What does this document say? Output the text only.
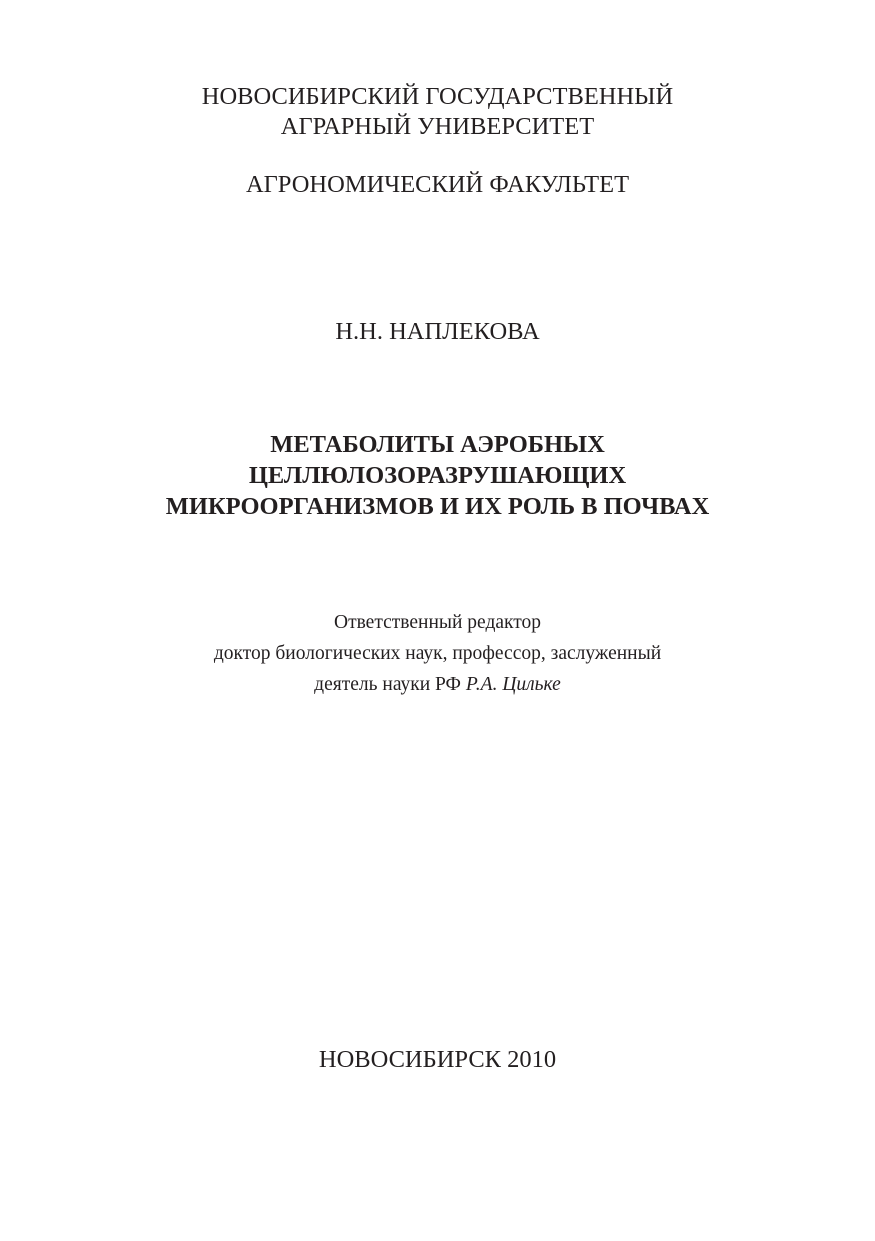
НОВОСИБИРСКИЙ ГОСУДАРСТВЕННЫЙ

АГРАРНЫЙ УНИВЕРСИТЕТ

АГРОНОМИЧЕСКИЙ ФАКУЛЬТЕТ

Н.Н. НАПЛЕКОВА

МЕТАБОЛИТЫ АЭРОБНЫХ

ЦЕЛЛЮЛОЗОРАЗРУШАЮЩИХ

МИКРООРГАНИЗМОВ И ИХ РОЛЬ В ПОЧВАХ

Ответственный редактор

доктор биологических наук, профессор, заслуженный

деятель науки РФ Р.А. Цильке

НОВОСИБИРСК 2010
